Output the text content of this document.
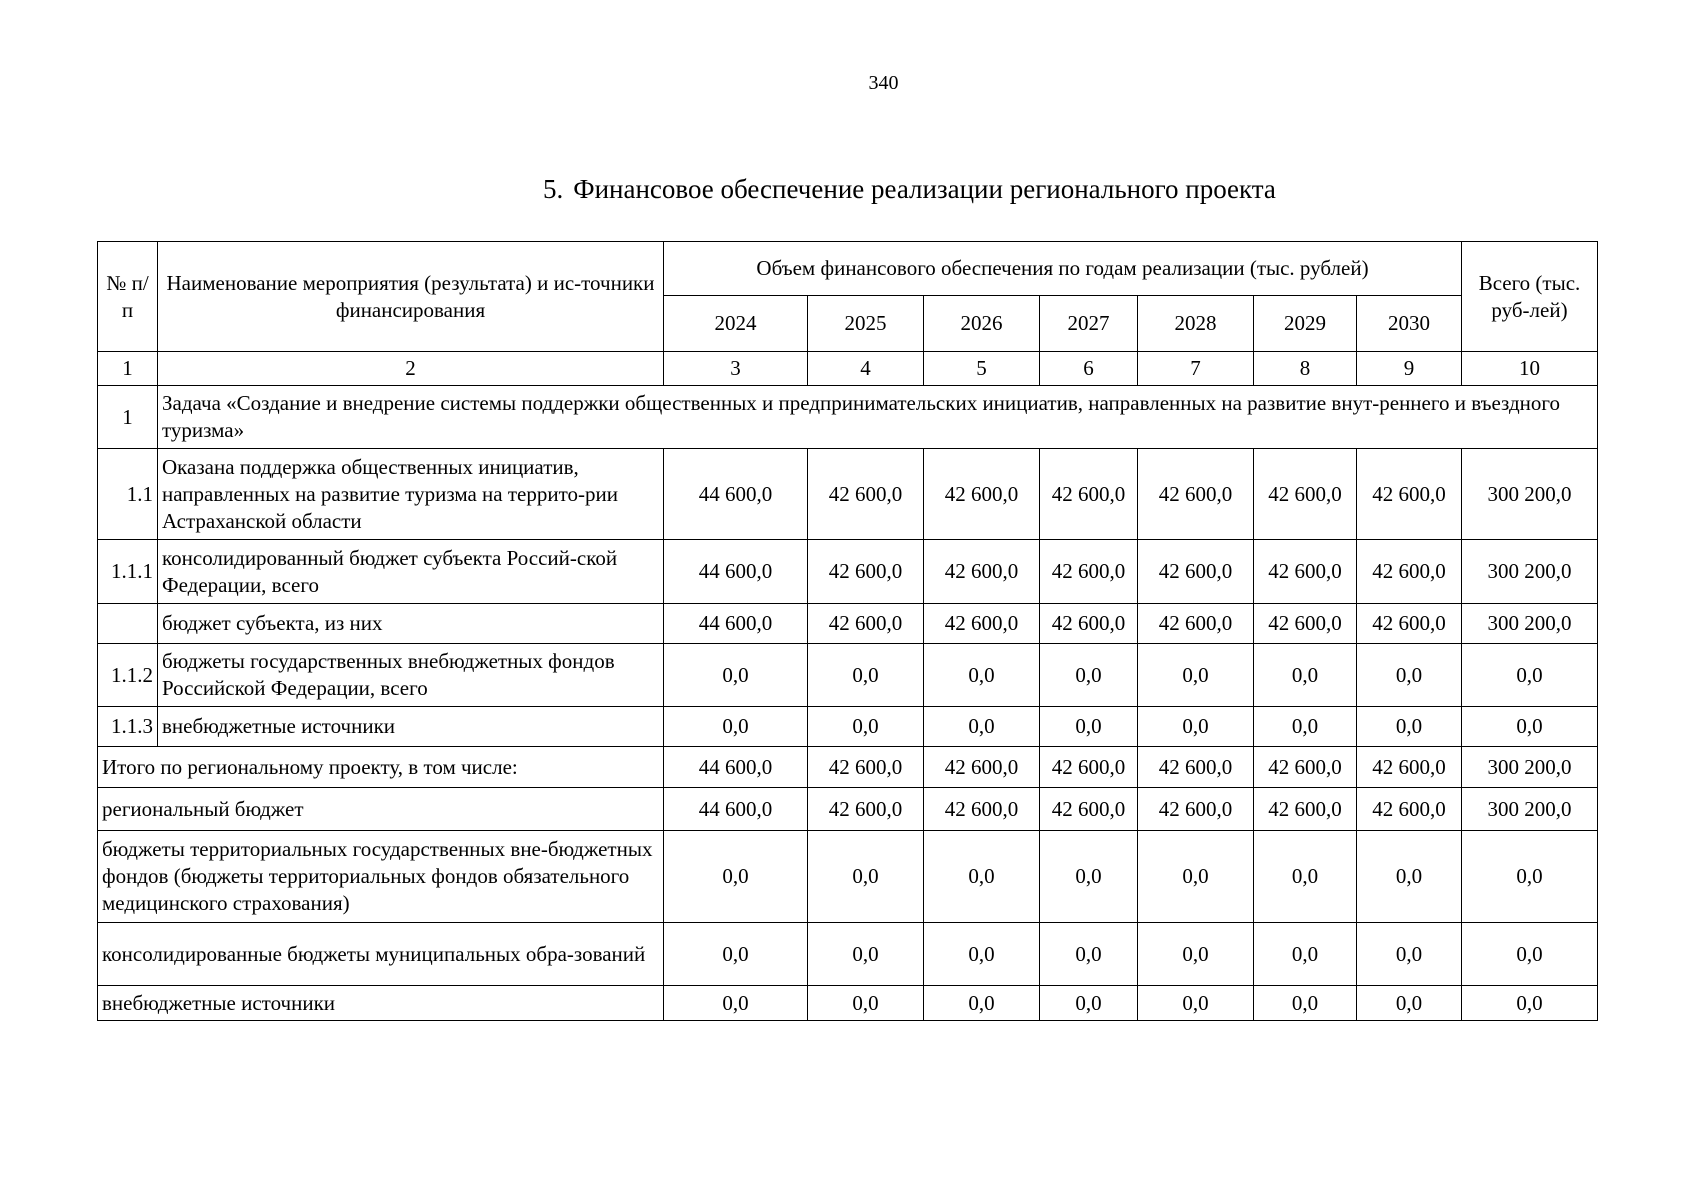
340
5. Финансовое обеспечение реализации регионального проекта
№ п/п	Наименование мероприятия (результата) и ис-точники финансирования	Объем финансового обеспечения по годам реализации (тыс. рублей)							Всего (тыс. руб-лей)
		2024	2025	2026	2027	2028	2029	2030	
1	2	3	4	5	6	7	8	9	10
1	Задача «Создание и внедрение системы поддержки общественных и предпринимательских инициатив, направленных на развитие внут-реннего и въездного туризма»								
1.1	Оказана поддержка общественных инициатив, направленных на развитие туризма на террито-рии Астраханской области	44 600,0	42 600,0	42 600,0	42 600,0	42 600,0	42 600,0	42 600,0	300 200,0
1.1.1	консолидированный бюджет субъекта Россий-ской Федерации, всего	44 600,0	42 600,0	42 600,0	42 600,0	42 600,0	42 600,0	42 600,0	300 200,0
	бюджет субъекта, из них	44 600,0	42 600,0	42 600,0	42 600,0	42 600,0	42 600,0	42 600,0	300 200,0
1.1.2	бюджеты государственных внебюджетных фондов Российской Федерации, всего	0,0	0,0	0,0	0,0	0,0	0,0	0,0	0,0
1.1.3	внебюджетные источники	0,0	0,0	0,0	0,0	0,0	0,0	0,0	0,0
Итого по региональному проекту, в том числе:		44 600,0	42 600,0	42 600,0	42 600,0	42 600,0	42 600,0	42 600,0	300 200,0
региональный бюджет		44 600,0	42 600,0	42 600,0	42 600,0	42 600,0	42 600,0	42 600,0	300 200,0
бюджеты территориальных государственных вне-бюджетных фондов (бюджеты территориальных фондов обязательного медицинского страхования)		0,0	0,0	0,0	0,0	0,0	0,0	0,0	0,0
консолидированные бюджеты муниципальных обра-зований		0,0	0,0	0,0	0,0	0,0	0,0	0,0	0,0
внебюджетные источники		0,0	0,0	0,0	0,0	0,0	0,0	0,0	0,0
